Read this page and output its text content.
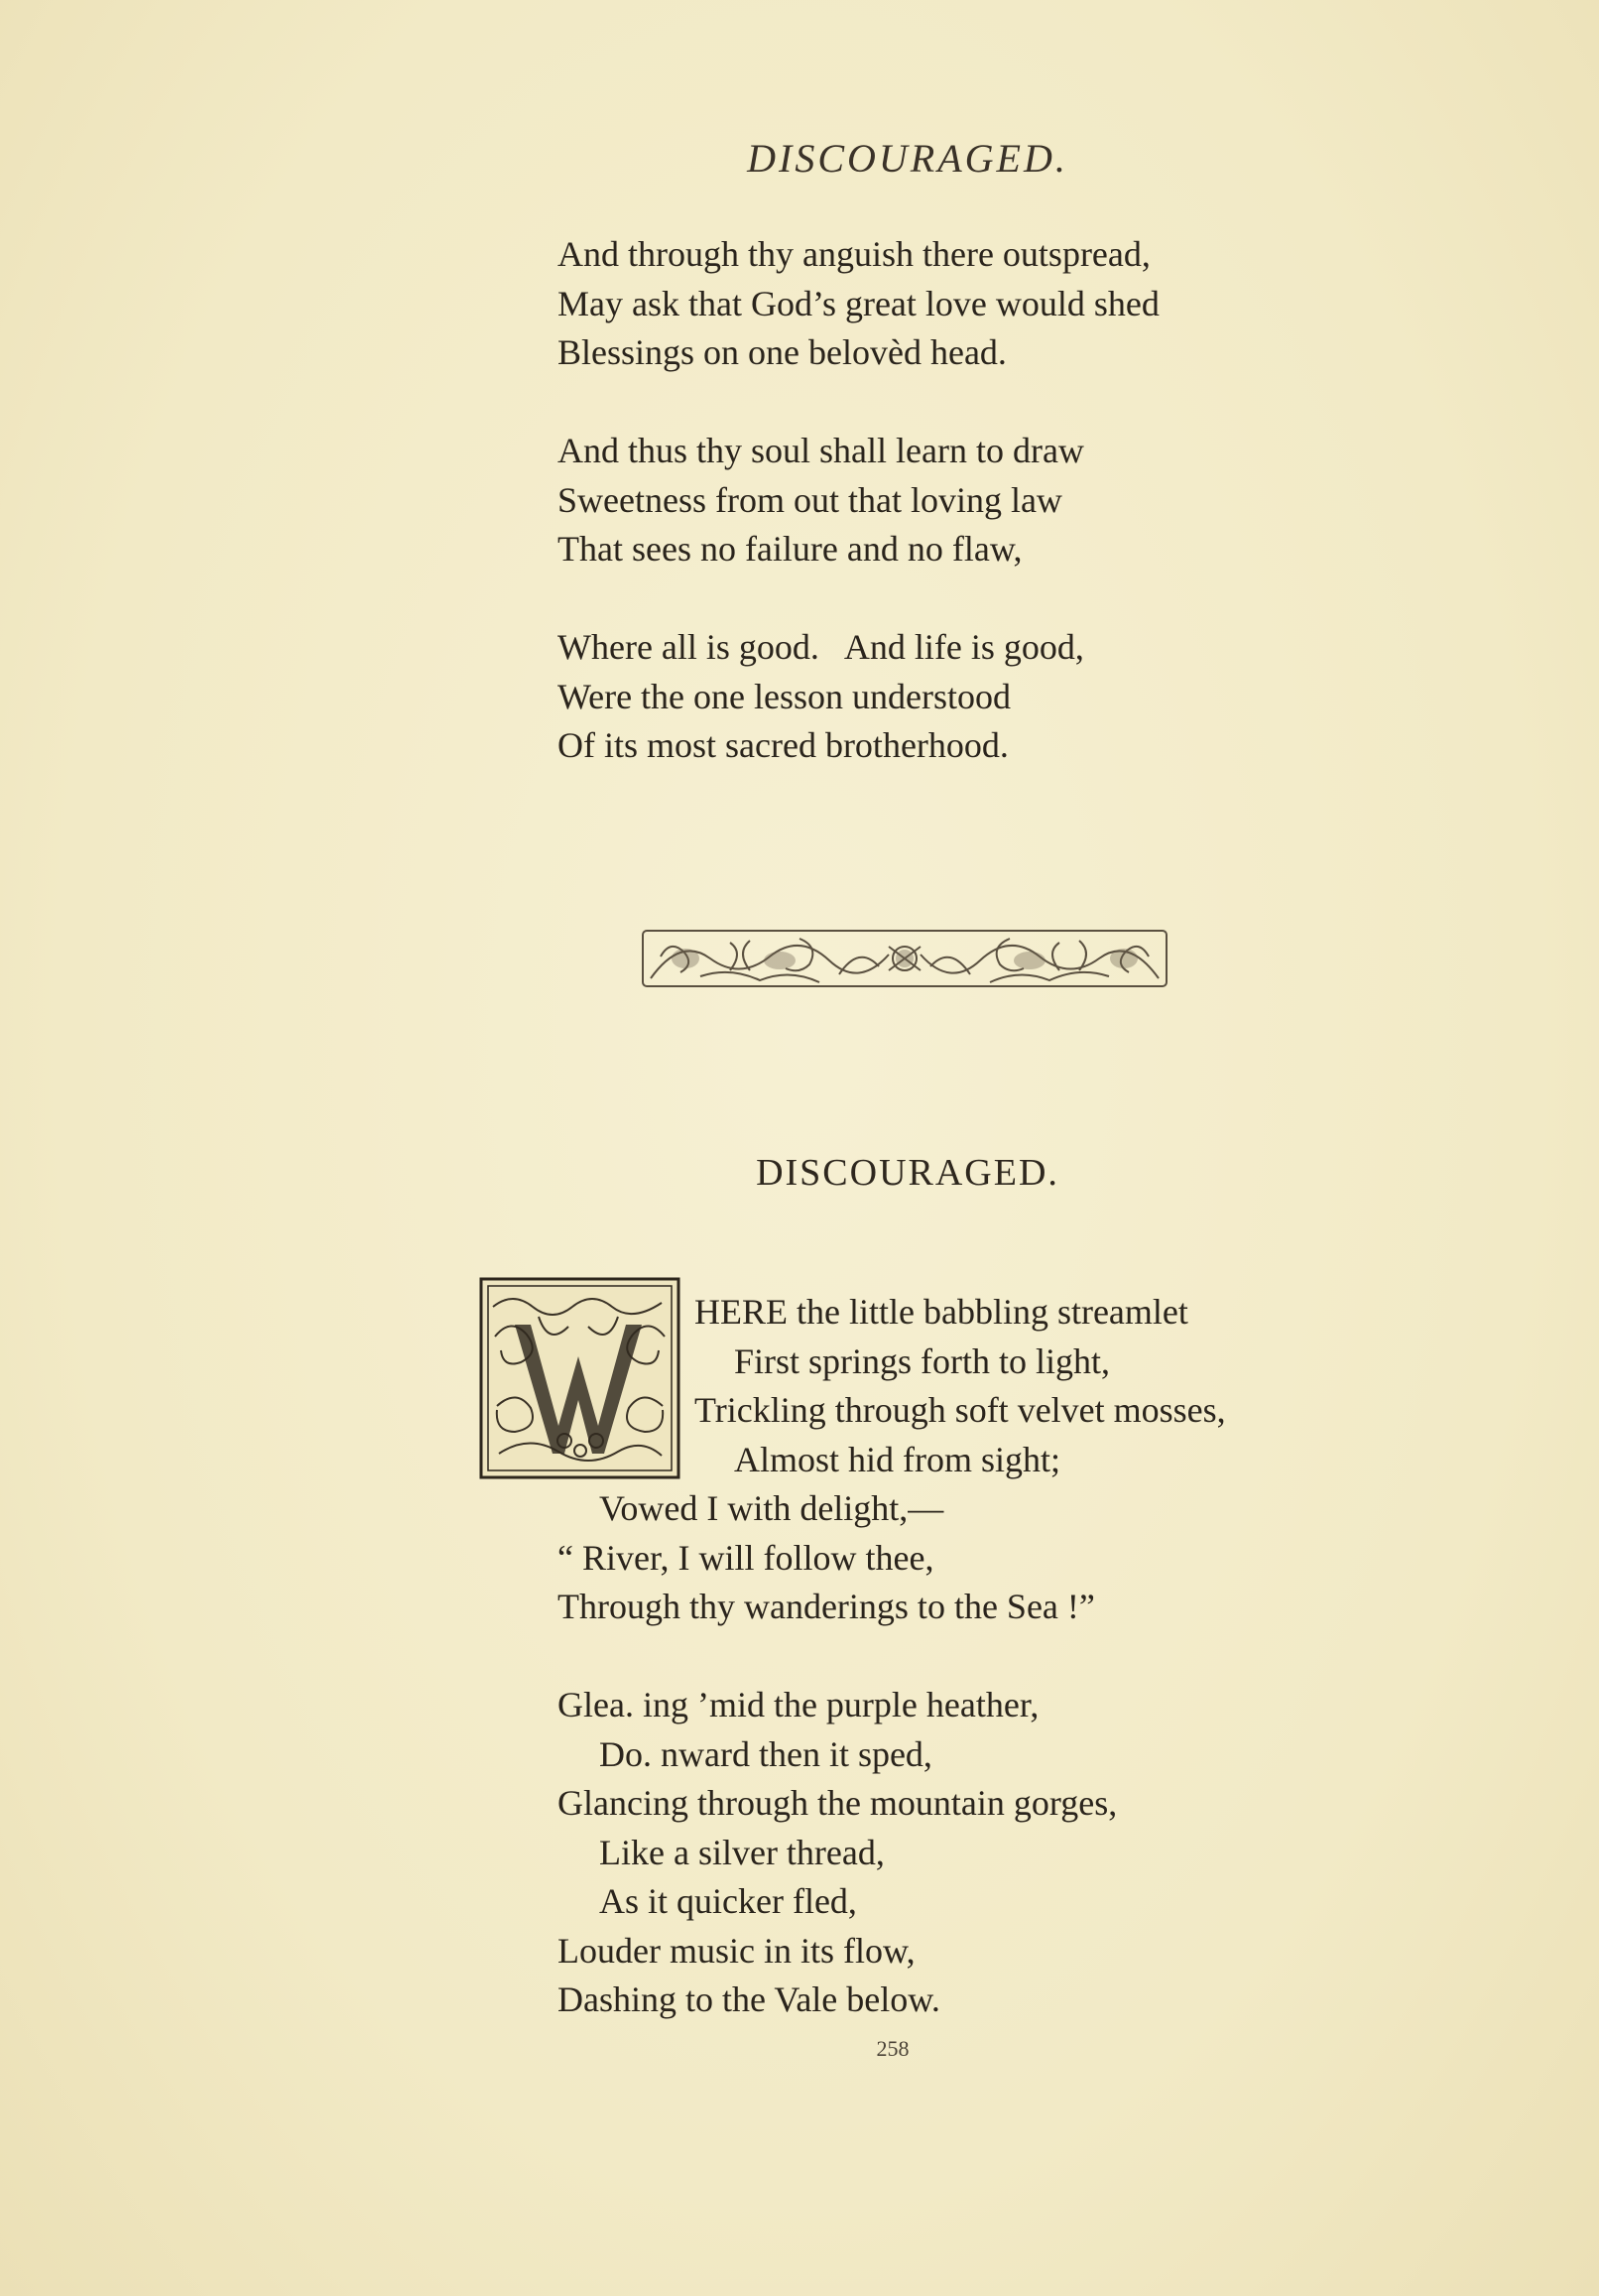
DISCOURAGED.
And through thy anguish there outspread,
May ask that God’s great love would shed
Blessings on one belovèd head.
And thus thy soul shall learn to draw
Sweetness from out that loving law
That sees no failure and no flaw,
Where all is good.   And life is good,
Were the one lesson understood
Of its most sacred brotherhood.
DISCOURAGED.
HERE the little babbling streamlet
First springs forth to light,
Trickling through soft velvet mosses,
Almost hid from sight;
Vowed I with delight,—
“ River, I will follow thee,
Through thy wanderings to the Sea !”
Glea. ing ’mid the purple heather,
Do. nward then it sped,
Glancing through the mountain gorges,
Like a silver thread,
As it quicker fled,
Louder music in its flow,
Dashing to the Vale below.
258
